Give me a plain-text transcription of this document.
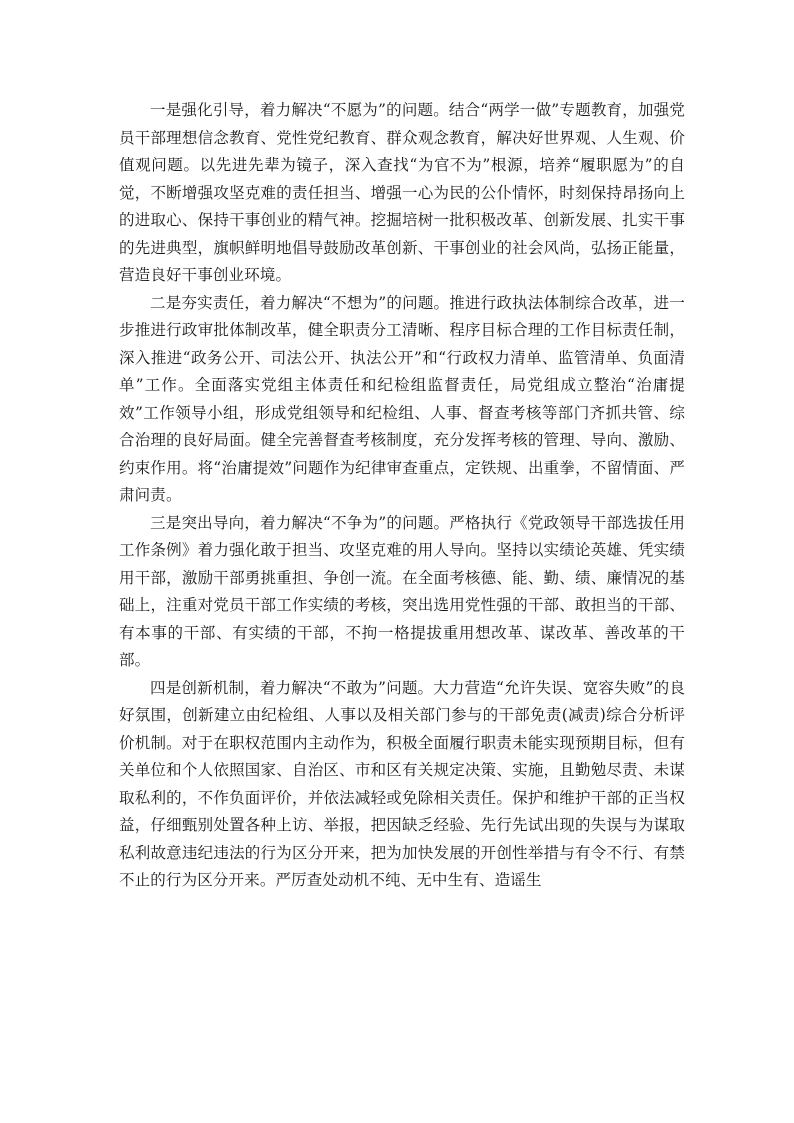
一是强化引导，着力解决“不愿为”的问题。结合“两学一做”专题教育，加强党员干部理想信念教育、党性党纪教育、群众观念教育，解决好世界观、人生观、价值观问题。以先进先辈为镜子，深入查找“为官不为”根源，培养“履职愿为”的自觉，不断增强攻坚克难的责任担当、增强一心为民的公仆情怀，时刻保持昂扬向上的进取心、保持干事创业的精气神。挖掘培树一批积极改革、创新发展、扎实干事的先进典型，旗帜鲜明地倡导鼓励改革创新、干事创业的社会风尚，弘扬正能量，营造良好干事创业环境。

二是夯实责任，着力解决“不想为”的问题。推进行政执法体制综合改革，进一步推进行政审批体制改革，健全职责分工清晰、程序目标合理的工作目标责任制，深入推进“政务公开、司法公开、执法公开”和“行政权力清单、监管清单、负面清单”工作。全面落实党组主体责任和纪检组监督责任，局党组成立整治“治庸提效”工作领导小组，形成党组领导和纪检组、人事、督查考核等部门齐抓共管、综合治理的良好局面。健全完善督查考核制度，充分发挥考核的管理、导向、激励、约束作用。将“治庸提效”问题作为纪律审查重点，定铁规、出重拳，不留情面、严肃问责。

三是突出导向，着力解决“不争为”的问题。严格执行《党政领导干部选拔任用工作条例》着力强化敢于担当、攻坚克难的用人导向。坚持以实绩论英雄、凭实绩用干部，激励干部勇挑重担、争创一流。在全面考核德、能、勤、绩、廉情况的基础上，注重对党员干部工作实绩的考核，突出选用党性强的干部、敢担当的干部、有本事的干部、有实绩的干部，不拘一格提拔重用想改革、谋改革、善改革的干部。

四是创新机制，着力解决“不敢为”问题。大力营造“允许失误、宽容失败”的良好氛围，创新建立由纪检组、人事以及相关部门参与的干部免责(减责)综合分析评价机制。对于在职权范围内主动作为，积极全面履行职责未能实现预期目标，但有关单位和个人依照国家、自治区、市和区有关规定决策、实施，且勤勉尽责、未谋取私利的，不作负面评价，并依法减轻或免除相关责任。保护和维护干部的正当权益，仔细甄别处置各种上访、举报，把因缺乏经验、先行先试出现的失误与为谋取私利故意违纪违法的行为区分开来，把为加快发展的开创性举措与有令不行、有禁不止的行为区分开来。严厉查处动机不纯、无中生有、造谣生
